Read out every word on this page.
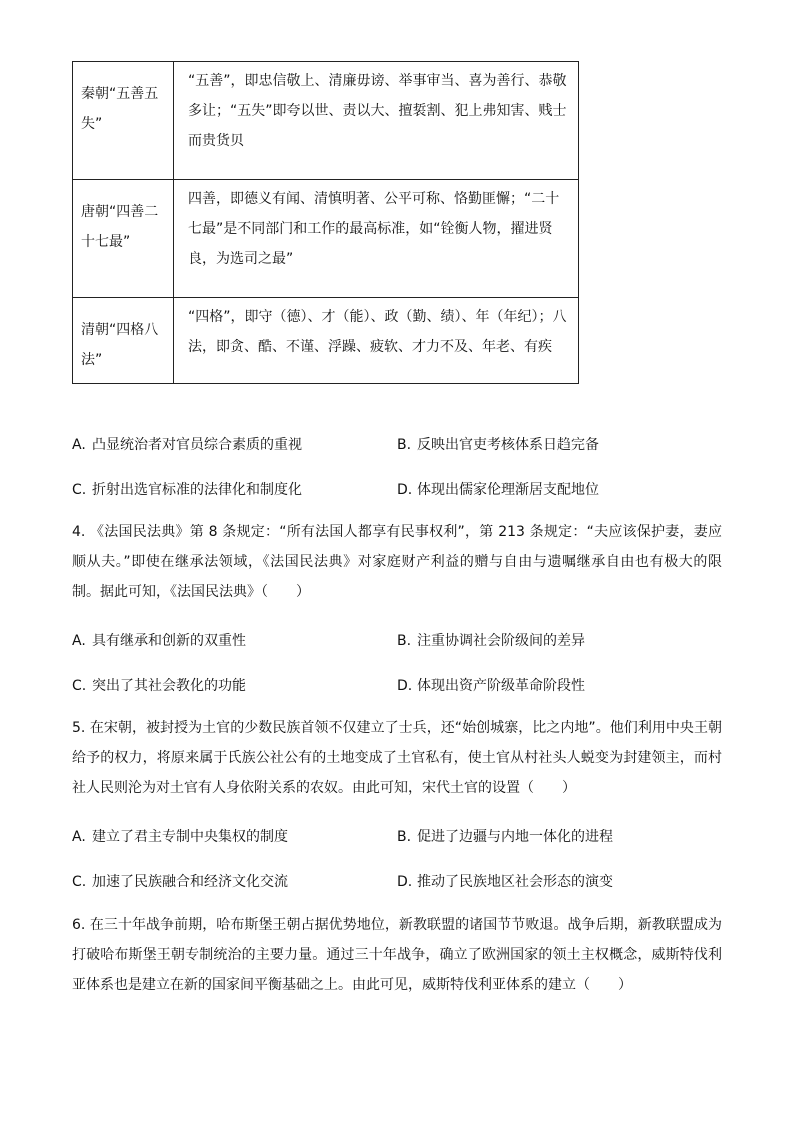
秦朝“五善五失”	“五善”，即忠信敬上、清廉毋谤、举事审当、喜为善行、恭敬多让；“五失”即夸以世、责以大、擅裚割、犯上弗知害、贱士而贵货贝
唐朝“四善二十七最”	四善，即德义有闻、清慎明著、公平可称、恪勤匪懈；“二十七最”是不同部门和工作的最高标准，如“铨衡人物，擢进贤良，为选司之最”
清朝“四格八法”	“四格”，即守（德）、才（能）、政（勤、绩）、年（年纪）；八法，即贪、酷、不谨、浮躁、疲软、才力不及、年老、有疾
A. 凸显统治者对官员综合素质的重视	B. 反映出官吏考核体系日趋完备
C. 折射出选官标准的法律化和制度化	D. 体现出儒家伦理渐居支配地位
4. 《法国民法典》第 8 条规定：“所有法国人都享有民事权利”，第 213 条规定：“夫应该保护妻，妻应顺从夫。”即使在继承法领域，《法国民法典》对家庭财产利益的赠与自由与遗嘱继承自由也有极大的限制。据此可知，《法国民法典》（　　）
A. 具有继承和创新的双重性	B. 注重协调社会阶级间的差异
C. 突出了其社会教化的功能	D. 体现出资产阶级革命阶段性
5. 在宋朝，被封授为土官的少数民族首领不仅建立了士兵，还“始创城寨，比之内地”。他们利用中央王朝给予的权力，将原来属于氏族公社公有的土地变成了土官私有，使土官从村社头人蜕变为封建领主，而村社人民则沦为对土官有人身依附关系的农奴。由此可知，宋代土官的设置（　　）
A. 建立了君主专制中央集权的制度	B. 促进了边疆与内地一体化的进程
C. 加速了民族融合和经济文化交流	D. 推动了民族地区社会形态的演变
6. 在三十年战争前期，哈布斯堡王朝占据优势地位，新教联盟的诸国节节败退。战争后期，新教联盟成为打破哈布斯堡王朝专制统治的主要力量。通过三十年战争，确立了欧洲国家的领土主权概念，威斯特伐利亚体系也是建立在新的国家间平衡基础之上。由此可见，威斯特伐利亚体系的建立（　　）
